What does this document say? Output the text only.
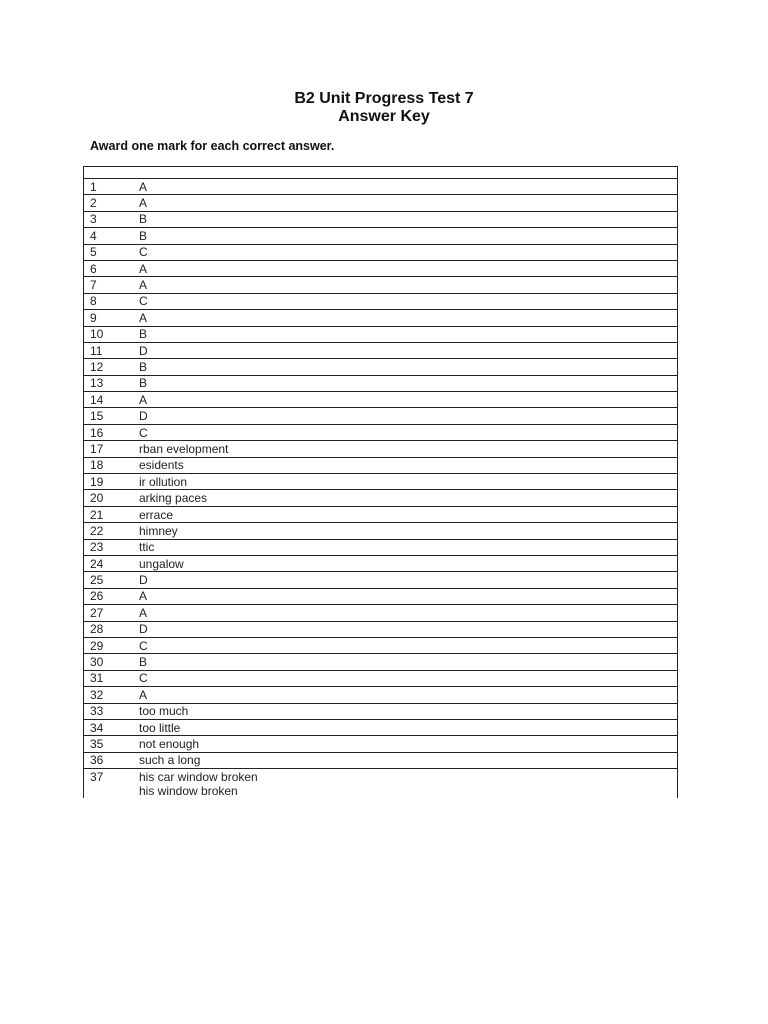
B2 Unit Progress Test 7
Answer Key
Award one mark for each correct answer.

1	A

2	A

3	B

4	B

5	C

6	A

7	A

8	C

9	A

10	B

11	D

12	B

13	B

14	A

15	D

16	C

17	rban evelopment

18	esidents

19	ir ollution

20	arking paces

21	errace

22	himney

23	ttic

24	ungalow

25	D

26	A

27	A

28	D

29	C

30	B

31	C

32	A

33	too much

34	too little

35	not enough

36	such a long

37	his car window broken
his window broken
